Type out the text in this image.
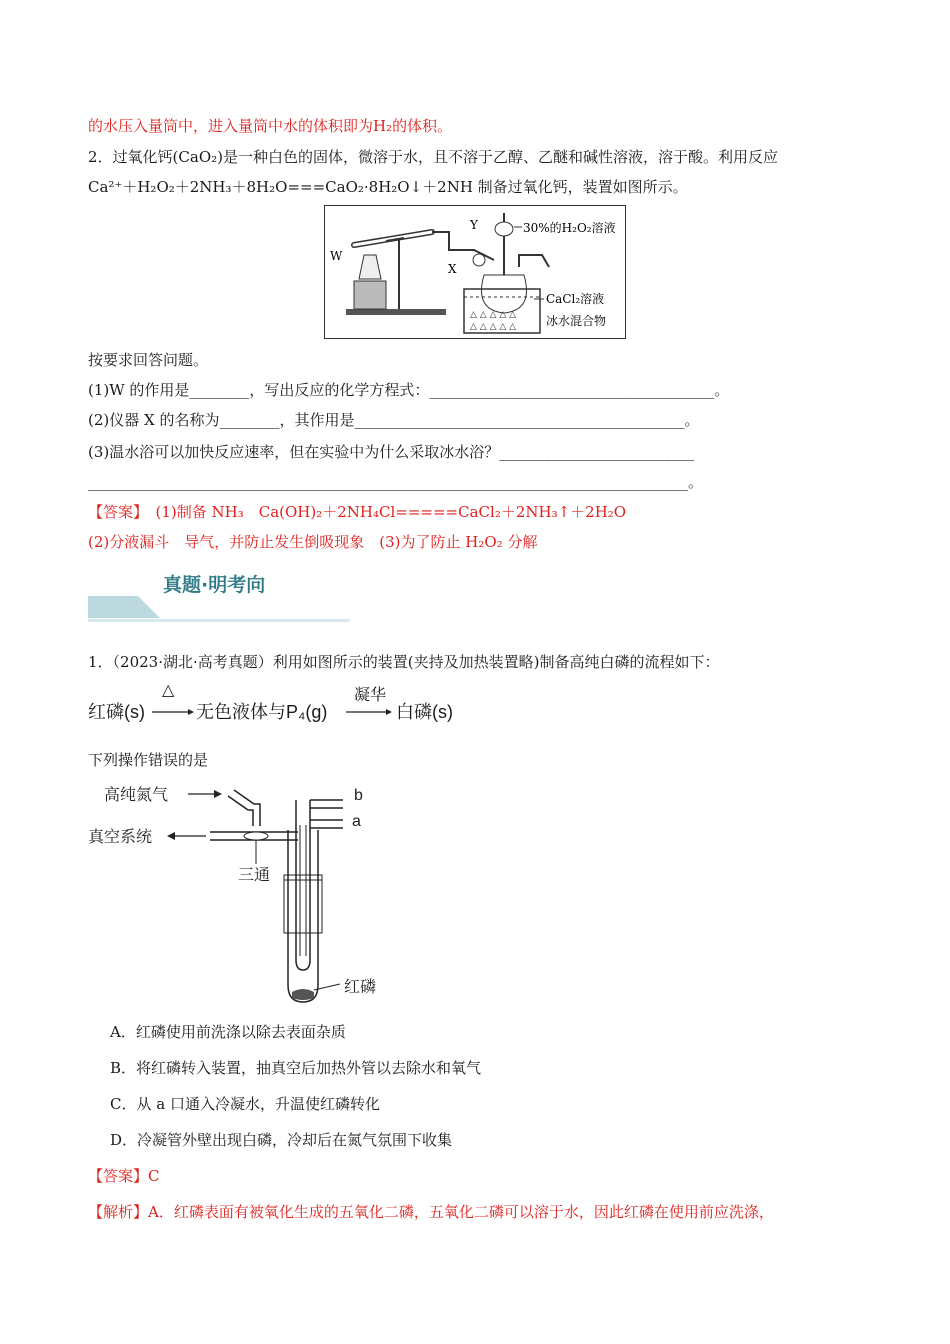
的水压入量筒中，进入量筒中水的体积即为H₂的体积。
2．过氧化钙(CaO₂)是一种白色的固体，微溶于水，且不溶于乙醇、乙醚和碱性溶液，溶于酸。利用反应
Ca²⁺＋H₂O₂＋2NH₃＋8H₂O===CaO₂·8H₂O↓＋2NH 制备过氧化钙，装置如图所示。
△ △ △ △ △
△ △ △ △ △
W
X
Y	30%的H₂O₂溶液
CaCl₂溶液
冰水混合物
按要求回答问题。
(1)W 的作用是________，写出反应的化学方程式：______________________________________。
(2)仪器 X 的名称为________，其作用是____________________________________________。
(3)温水浴可以加快反应速率，但在实验中为什么采取冰水浴？__________________________
________________________________________________________________________________。
【答案】　(1)制备 NH₃　Ca(OH)₂＋2NH₄Cl=====CaCl₂＋2NH₃↑＋2H₂O
(2)分液漏斗　导气，并防止发生倒吸现象　(3)为了防止 H₂O₂ 分解
真题·明考向
1．（2023·湖北·高考真题）利用如图所示的装置(夹持及加热装置略)制备高纯白磷的流程如下：
红磷(s)
△
无色液体与P₄(g)
凝华
白磷(s)
下列操作错误的是
高纯氮气
真空系统
三通
b
a
红磷
A．红磷使用前洗涤以除去表面杂质
B．将红磷转入装置，抽真空后加热外管以去除水和氧气
C．从 a 口通入冷凝水，升温使红磷转化
D．冷凝管外壁出现白磷，冷却后在氮气氛围下收集
【答案】C
【解析】A．红磷表面有被氧化生成的五氧化二磷，五氧化二磷可以溶于水，因此红磷在使用前应洗涤，
